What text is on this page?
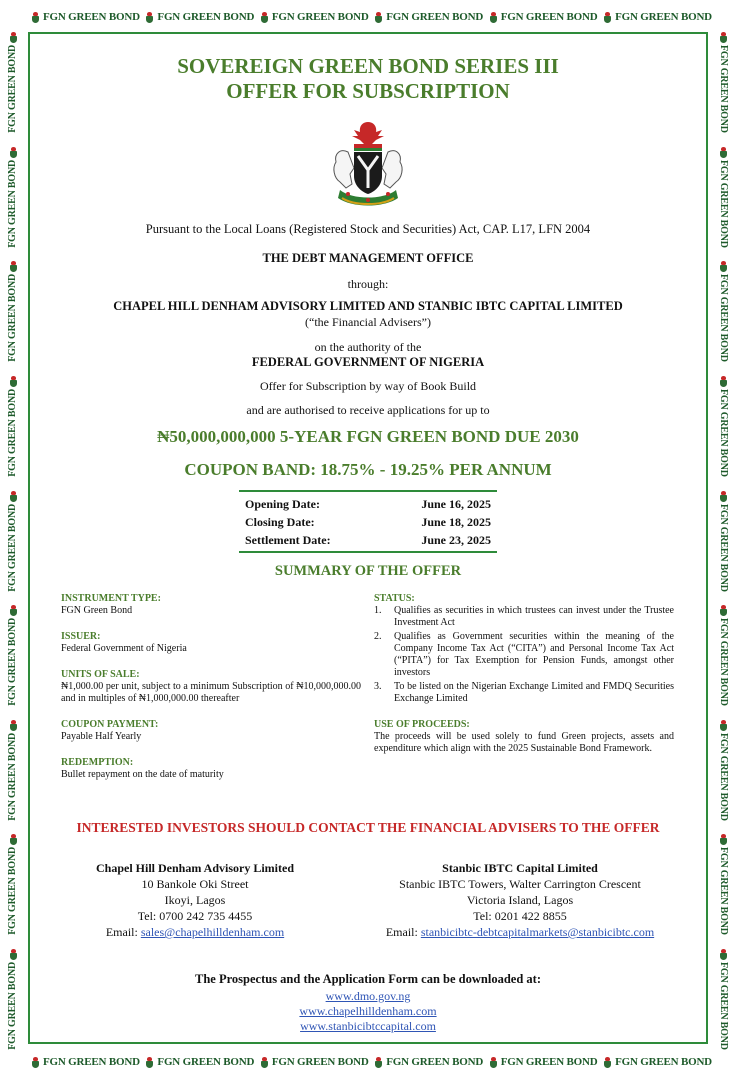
FGN GREEN BOND FGN GREEN BOND FGN GREEN BOND FGN GREEN BOND FGN GREEN BOND FGN GREEN BOND
FGN GREEN BOND FGN GREEN BOND FGN GREEN BOND FGN GREEN BOND FGN GREEN BOND FGN GREEN BOND
FGN GREEN BOND
FGN GREEN BOND
FGN GREEN BOND
FGN GREEN BOND
FGN GREEN BOND
FGN GREEN BOND
FGN GREEN BOND
FGN GREEN BOND
FGN GREEN BOND
FGN GREEN BOND
FGN GREEN BOND
FGN GREEN BOND
FGN GREEN BOND
FGN GREEN BOND
FGN GREEN BOND
FGN GREEN BOND
FGN GREEN BOND
FGN GREEN BOND
SOVEREIGN GREEN BOND SERIES III
OFFER FOR SUBSCRIPTION
Pursuant to the Local Loans (Registered Stock and Securities) Act, CAP. L17, LFN 2004
THE DEBT MANAGEMENT OFFICE
through:
CHAPEL HILL DENHAM ADVISORY LIMITED AND STANBIC IBTC CAPITAL LIMITED
(“the Financial Advisers”)
on the authority of the
FEDERAL GOVERNMENT OF NIGERIA
Offer for Subscription by way of Book Build
and are authorised to receive applications for up to
₦50,000,000,000 5-YEAR FGN GREEN BOND DUE 2030
COUPON BAND: 18.75% - 19.25% PER ANNUM
Opening Date:	June 16, 2025
Closing Date:	June 18, 2025
Settlement Date:	June 23, 2025
SUMMARY OF THE OFFER
INSTRUMENT TYPE:
FGN Green Bond
ISSUER:
Federal Government of Nigeria
UNITS OF SALE:
₦1,000.00 per unit, subject to a minimum Subscription of ₦10,000,000.00 and in multiples of ₦1,000,000.00 thereafter
COUPON PAYMENT:
Payable Half Yearly
REDEMPTION:
Bullet repayment on the date of maturity
STATUS:
1.	Qualifies as securities in which trustees can invest under the Trustee Investment Act
2.	Qualifies as Government securities within the meaning of the Company Income Tax Act (“CITA”) and Personal Income Tax Act (“PITA”) for Tax Exemption for Pension Funds, amongst other investors
3.	To be listed on the Nigerian Exchange Limited and FMDQ Securities Exchange Limited
USE OF PROCEEDS:
The proceeds will be used solely to fund Green projects, assets and expenditure which align with the 2025 Sustainable Bond Framework.
INTERESTED INVESTORS SHOULD CONTACT THE FINANCIAL ADVISERS TO THE OFFER
Chapel Hill Denham Advisory Limited
10 Bankole Oki Street
Ikoyi, Lagos
Tel: 0700 242 735 4455
Email: sales@chapelhilldenham.com
Stanbic IBTC Capital Limited
Stanbic IBTC Towers, Walter Carrington Crescent
Victoria Island, Lagos
Tel: 0201 422 8855
Email: stanbicibtc-debtcapitalmarkets@stanbicibtc.com
The Prospectus and the Application Form can be downloaded at:
www.dmo.gov.ng
www.chapelhilldenham.com
www.stanbicibtccapital.com
